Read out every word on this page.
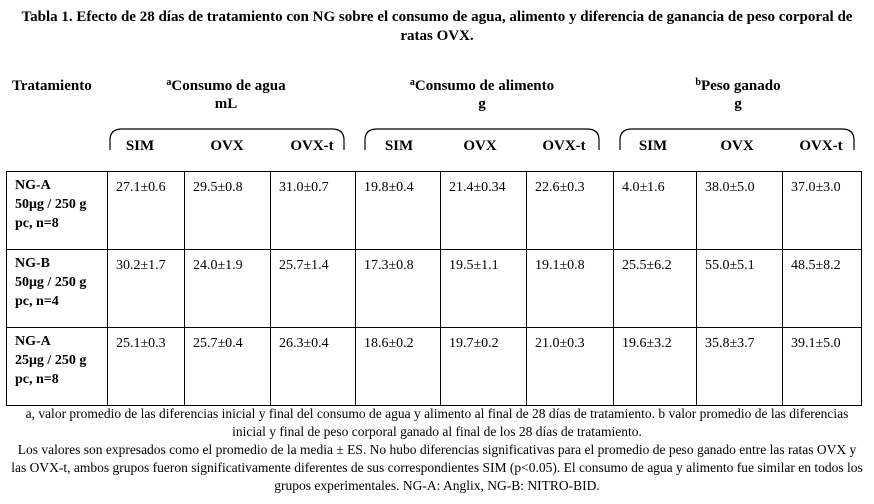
Tabla 1. Efecto de 28 días de tratamiento con NG sobre el consumo de agua, alimento y diferencia de ganancia de peso corporal de ratas OVX.
Tratamiento	$^a$Consumo de agua
mL
$^a$Consumo de alimento
g
$^b$Peso ganado
g
SIM	OVX	OVX-t	SIM	OVX	OVX-t	SIM	OVX	OVX-t
NG-A
50μg / 250 g
pc, n=8	27.1±0.6	29.5±0.8	31.0±0.7	19.8±0.4	21.4±0.34	22.6±0.3	4.0±1.6	38.0±5.0	37.0±3.0

NG-B
50μg / 250 g
pc, n=4	30.2±1.7	24.0±1.9	25.7±1.4	17.3±0.8	19.5±1.1	19.1±0.8	25.5±6.2	55.0±5.1	48.5±8.2

NG-A
25μg / 250 g
pc, n=8	25.1±0.3	25.7±0.4	26.3±0.4	18.6±0.2	19.7±0.2	21.0±0.3	19.6±3.2	35.8±3.7	39.1±5.0

a, valor promedio de las diferencias inicial y final del consumo de agua y alimento al final de 28 días de tratamiento. b valor promedio de las diferencias inicial y final de peso corporal ganado al final de los 28 días de tratamiento.

Los valores son expresados como el promedio de la media ± ES. No hubo diferencias significativas para el promedio de peso ganado entre las ratas OVX y las OVX-t, ambos grupos fueron significativamente diferentes de sus correspondientes SIM (p<0.05). El consumo de agua y alimento fue similar en todos los grupos experimentales. NG-A: Anglix, NG-B: NITRO-BID.
